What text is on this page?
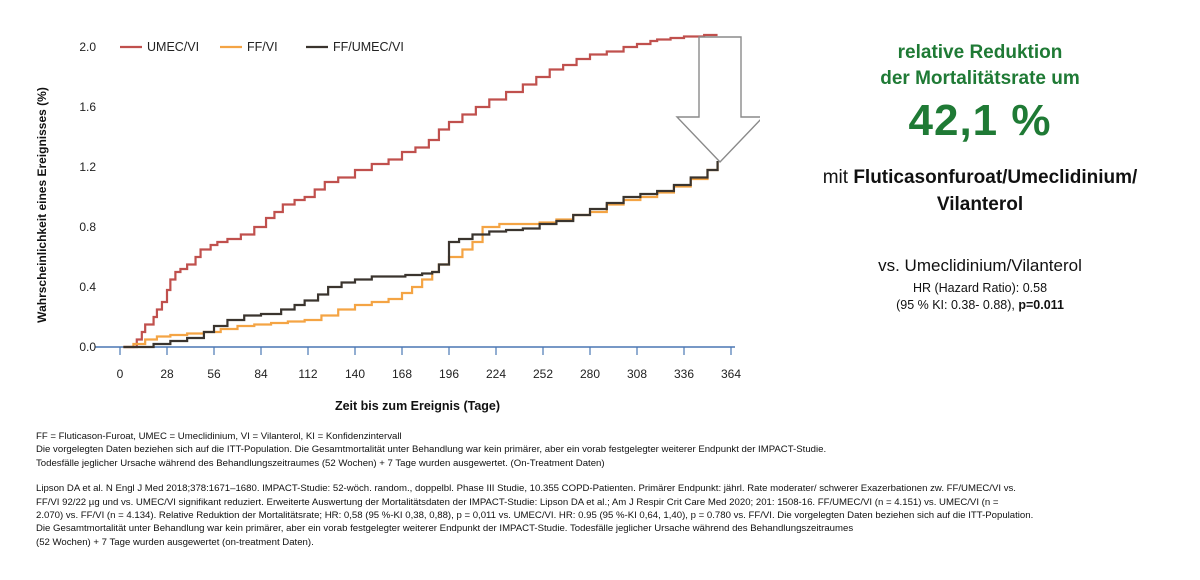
0	28	56	84	112 140 168 196 224 252 280 308 336 364
0.0
0.4
0.8
1.2
1.6
2.0
Zeit bis zum Ereignis (Tage)
Wahrscheinlichkeit eines Ereignisses (%)
UMEC/VI	FF/VI	FF/UMEC/VI	relative Reduktion
der Mortalitätsrate um
42,1 %
mit Fluticasonfuroat/Umeclidinium/
Vilanterol
vs. Umeclidinium/Vilanterol
HR (Hazard Ratio): 0.58
(95 % KI: 0.38- 0.88), p=0.011

FF = Fluticason-Furoat, UMEC = Umeclidinium, VI = Vilanterol, KI = Konfidenzintervall

Die vorgelegten Daten beziehen sich auf die ITT-Population. Die Gesamtmortalität unter Behandlung war kein primärer, aber ein vorab festgelegter weiterer Endpunkt der IMPACT-Studie.

Todesfälle jeglicher Ursache während des Behandlungszeitraumes (52 Wochen) + 7 Tage wurden ausgewertet. (On-Treatment Daten)

Lipson DA et al. N Engl J Med 2018;378:1671–1680. IMPACT-Studie: 52-wöch. random., doppelbl. Phase III Studie, 10.355 COPD-Patienten. Primärer Endpunkt: jährl. Rate moderater/ schwerer Exazerbationen zw. FF/UMEC/VI vs.

FF/VI 92/22 µg und vs. UMEC/VI signifikant reduziert. Erweiterte Auswertung der Mortalitätsdaten der IMPACT-Studie: Lipson DA et al.; Am J Respir Crit Care Med 2020; 201: 1508-16. FF/UMEC/VI (n = 4.151) vs. UMEC/VI (n =

2.070) vs. FF/VI (n = 4.134). Relative Reduktion der Mortalitätsrate; HR: 0,58 (95 %-KI 0,38, 0,88), p = 0,011 vs. UMEC/VI. HR: 0.95 (95 %-KI 0,64, 1,40), p = 0.780 vs. FF/VI. Die vorgelegten Daten beziehen sich auf die ITT-Population.

Die Gesamtmortalität unter Behandlung war kein primärer, aber ein vorab festgelegter weiterer Endpunkt der IMPACT-Studie. Todesfälle jeglicher Ursache während des Behandlungszeitraumes

(52 Wochen) + 7 Tage wurden ausgewertet (on-treatment Daten).
